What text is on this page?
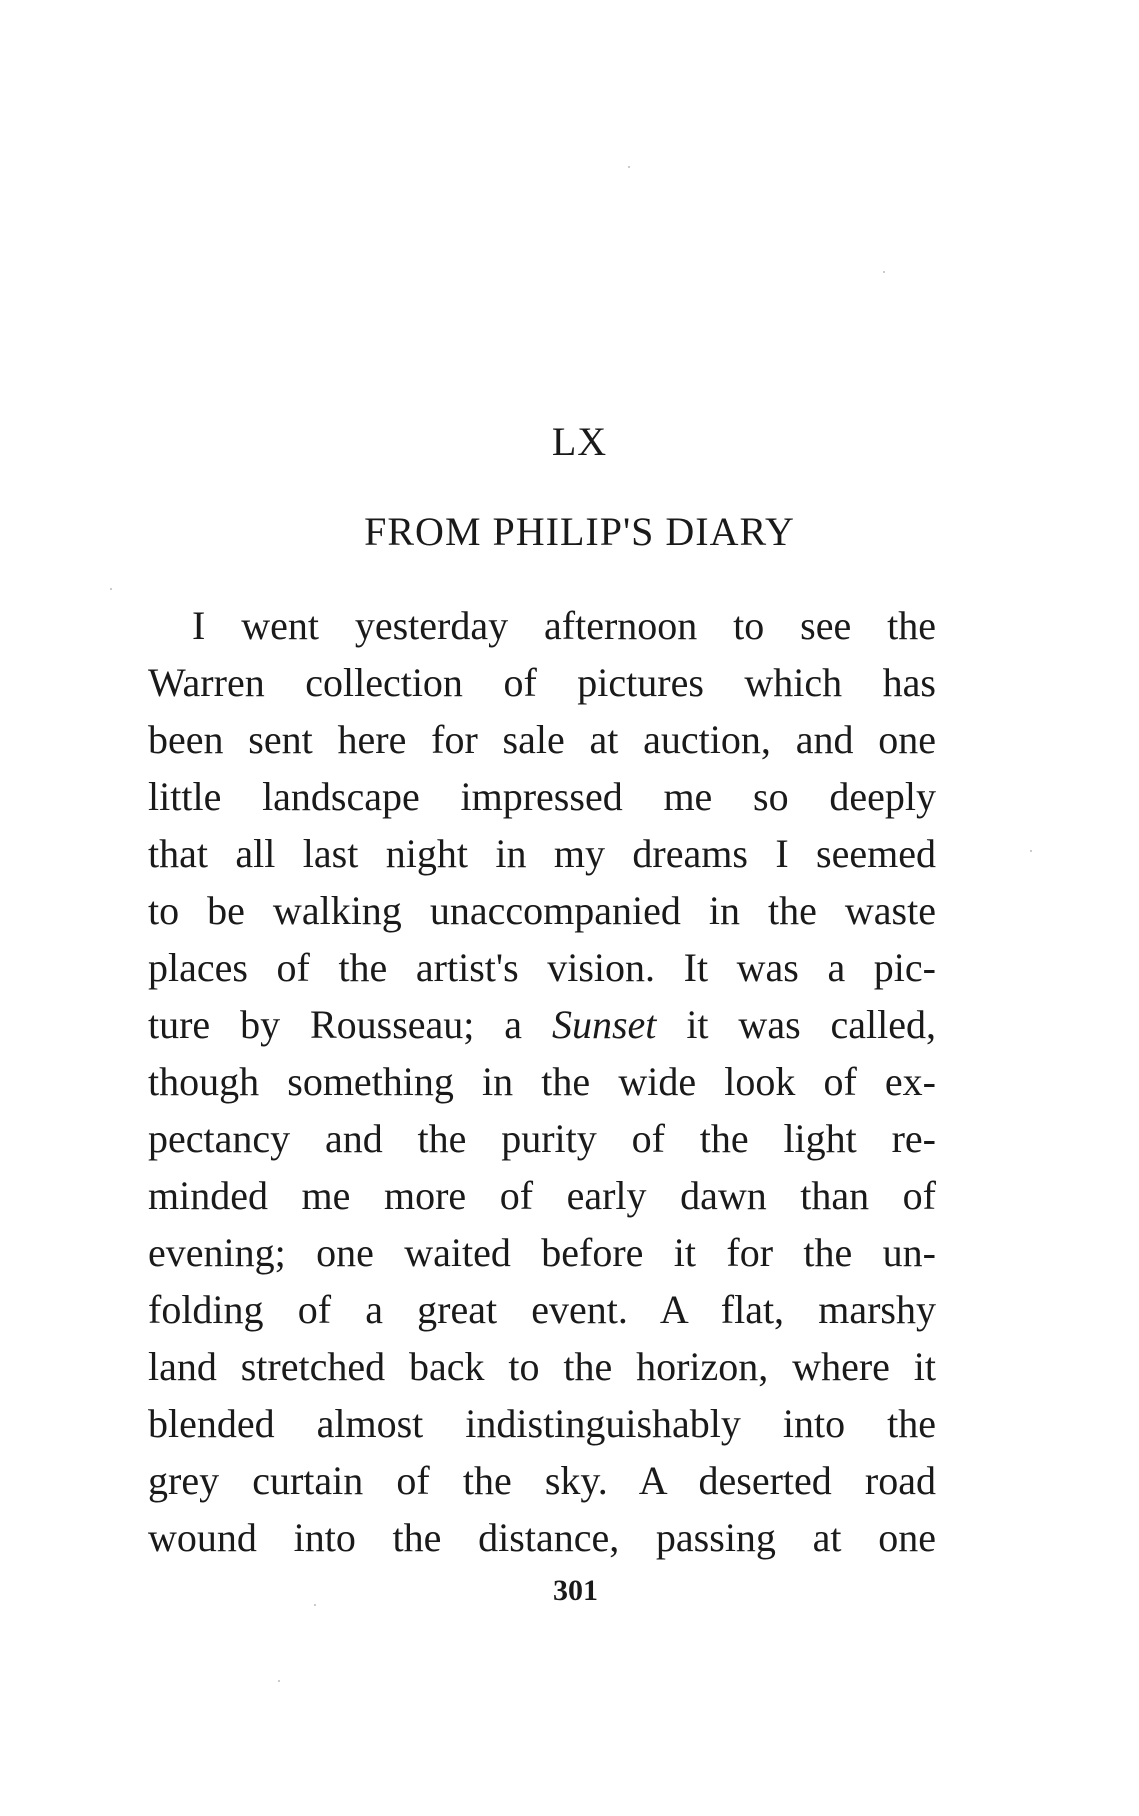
LX
FROM PHILIP'S DIARY
I went yesterday afternoon to see the
Warren collection of pictures which has
been sent here for sale at auction, and one
little landscape impressed me so deeply
that all last night in my dreams I seemed
to be walking unaccompanied in the waste
places of the artist's vision. It was a pic-
ture by Rousseau; a Sunset it was called,
though something in the wide look of ex-
pectancy and the purity of the light re-
minded me more of early dawn than of
evening; one waited before it for the un-
folding of a great event. A flat, marshy
land stretched back to the horizon, where it
blended almost indistinguishably into the
grey curtain of the sky. A deserted road
wound into the distance, passing at one
301
